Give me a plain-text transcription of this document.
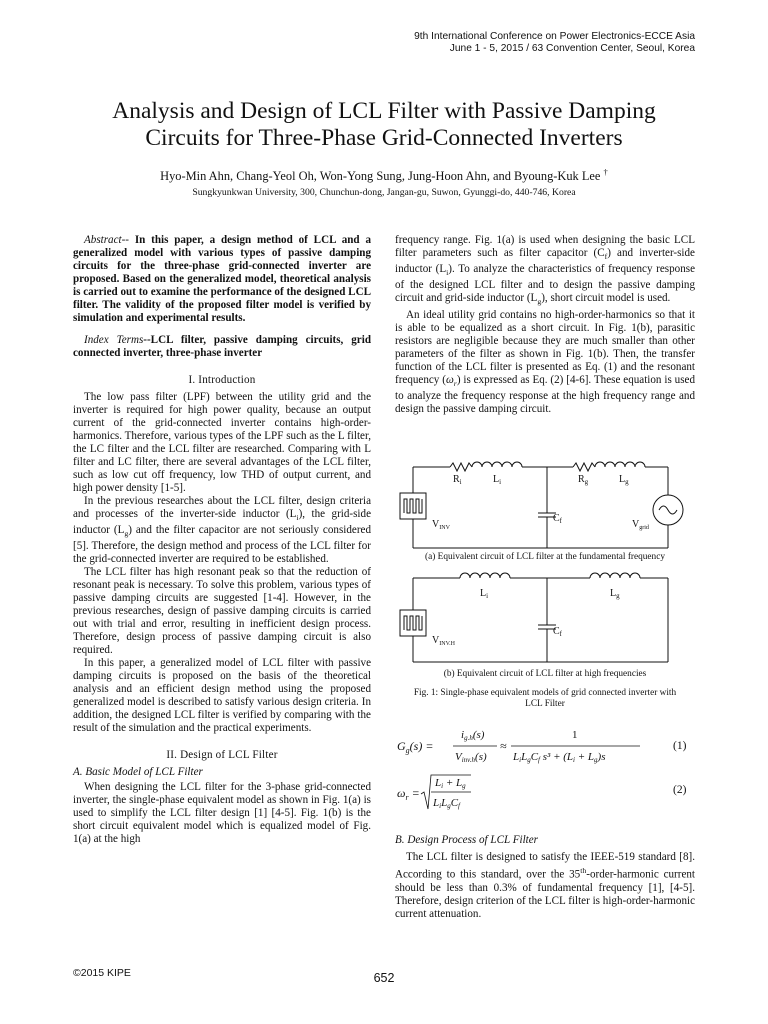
9th International Conference on Power Electronics-ECCE Asia
June 1 - 5, 2015 / 63 Convention Center, Seoul, Korea
Analysis and Design of LCL Filter with Passive Damping
Circuits for Three-Phase Grid-Connected Inverters
Hyo-Min Ahn, Chang-Yeol Oh, Won-Yong Sung, Jung-Hoon Ahn, and Byoung-Kuk Lee †
Sungkyunkwan University, 300, Chunchun-dong, Jangan-gu, Suwon, Gyunggi-do, 440-746, Korea

Abstract-- In this paper, a design method of LCL and a generalized model with various types of passive damping circuits for the three-phase grid-connected inverter are proposed. Based on the generalized model, theoretical analysis is carried out to examine the performance of the designed LCL filter. The validity of the proposed filter model is verified by simulation and experimental results.

Index Terms--LCL filter, passive damping circuits, grid connected inverter, three-phase inverter

I. Introduction

The low pass filter (LPF) between the utility grid and the inverter is required for high power quality, because an output current of the grid-connected inverter contains high-order-harmonics. Therefore, various types of the LPF such as the L filter, the LC filter and the LCL filter are researched. Comparing with L filter and LC filter, there are several advantages of the LCL filter, such as low cut off frequency, low THD of output current, and high power density [1-5].

In the previous researches about the LCL filter, design criteria and processes of the inverter-side inductor $(L_i)$, the grid-side inductor $(L_g)$ and the filter capacitor are not seriously considered [5]. Therefore, the design method and process of the LCL filter for the grid-connected inverter are required to be established.

The LCL filter has high resonant peak so that the reduction of resonant peak is necessary. To solve this problem, various types of passive damping circuits are suggested [1-4]. However, in the previous researches, design of passive damping circuits is carried out with trial and error, resulting in inefficient design process. Therefore, design process of passive damping circuit is also required.

In this paper, a generalized model of LCL filter with passive damping circuits is proposed on the basis of the theoretical analysis and an efficient design method using the proposed generalized model is described to satisfy various design criteria. In addition, the designed LCL filter is verified by comparing with the result of the simulation and the practical experiments.

II. Design of LCL Filter
A. Basic Model of LCL Filter

When designing the LCL filter for the 3-phase grid-connected inverter, the single-phase equivalent model as shown in Fig. 1(a) is used to simplify the LCL filter design [1] [4-5]. Fig. 1(b) is the short circuit equivalent model which is equalized model of Fig. 1(a) at the high

frequency range. Fig. 1(a) is used when designing the basic LCL filter parameters such as filter capacitor $(C_f)$ and inverter-side inductor $(L_i)$. To analyze the characteristics of frequency response of the designed LCL filter and to design the passive damping circuit and grid-side inductor $(L_g)$, short circuit model is used.

An ideal utility grid contains no high-order-harmonics so that it is able to be equalized as a short circuit. In Fig. 1(b), parasitic resistors are negligible because they are much smaller than other parameters of the filter as shown in Fig. 1(b). Then, the transfer function of the LCL filter is presented as Eq. (1) and the resonant frequency $(\omega_r)$ is expressed as Eq. (2) [4-6]. These equation is used to analyze the frequency response at the high frequency range and design the passive damping circuit.

$R_i$	$L_i$	$R_g$	$L_g$
$C_f$
$V_{INV}$	$V_{grid}$
$L_i$	$L_g$
$C_f$
$V_{INV.H}$
(a) Equivalent circuit of LCL filter at the fundamental frequency
(b) Equivalent circuit of LCL filter at high frequencies
Fig. 1: Single-phase equivalent models of grid connected inverter with
LCL Filter
$G_g(s)$ =
ig.h(s)
Vinv.h(s)
≈
1
LiLgCf s³ + (Li + Lg)s
$\omega_r$ =
Li + Lg
LiLgCf
(1)
(2)
B. Design Process of LCL Filter

The LCL filter is designed to satisfy the IEEE-519 standard [8]. According to this standard, over the 35th-order-harmonic current should be less than 0.3% of fundamental frequency [1], [4-5]. Therefore, design criterion of the LCL filter is high-order-harmonic current attenuation.

©2015 KIPE	652
